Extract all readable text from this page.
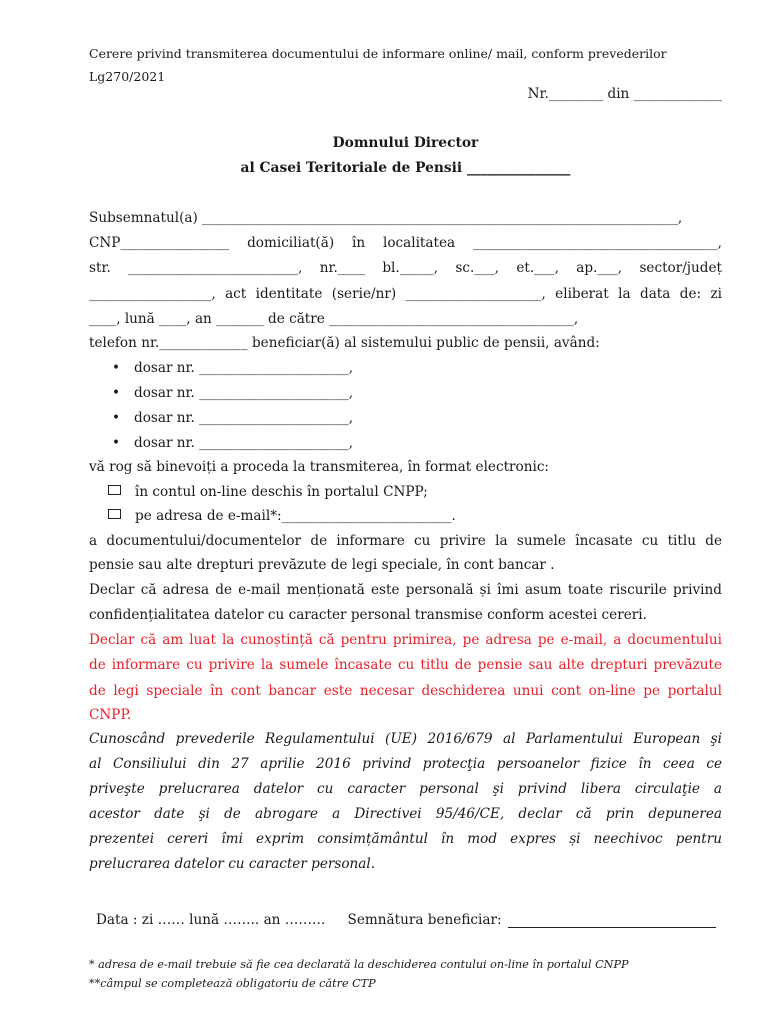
Cerere privind transmiterea documentului de informare online/ mail, conform prevederilor
Lg270/2021
Nr.________ din _____________
Domnului Director
al Casei Teritoriale de Pensii _______________
Subsemnatul(a) ______________________________________________________________________,
CNP________________ domiciliat(ă) în localitatea ____________________________________,
str. _________________________, nr.____ bl._____, sc.___, et.___, ap.___, sector/județ
__________________, act identitate (serie/nr) ____________________, eliberat la data de: zi
____, lună ____, an _______ de către ____________________________________,
telefon nr._____________ beneficiar(ă) al sistemului public de pensii, având:
• dosar nr. ______________________,
• dosar nr. ______________________,
• dosar nr. ______________________,
• dosar nr. ______________________,
vă rog să binevoiți a proceda la transmiterea, în format electronic:
în contul on-line deschis în portalul CNPP;
pe adresa de e-mail*:_________________________.
a documentului/documentelor de informare cu privire la sumele încasate cu titlu de
pensie sau alte drepturi prevăzute de legi speciale, în cont bancar .
Declar că adresa de e-mail menționată este personală și îmi asum toate riscurile privind
confidențialitatea datelor cu caracter personal transmise conform acestei cereri.
Declar că am luat la cunoștință că pentru primirea, pe adresa pe e-mail, a documentului
de informare cu privire la sumele încasate cu titlu de pensie sau alte drepturi prevăzute
de legi speciale în cont bancar este necesar deschiderea unui cont on-line pe portalul
CNPP.
Cunoscând prevederile Regulamentului (UE) 2016/679 al Parlamentului European şi
al Consiliului din 27 aprilie 2016 privind protecţia persoanelor fizice în ceea ce
priveşte prelucrarea datelor cu caracter personal şi privind libera circulaţie a
acestor date şi de abrogare a Directivei 95/46/CE, declar că prin depunerea
prezentei cereri îmi exprim consimțământul în mod expres și neechivoc pentru
prelucrarea datelor cu caracter personal.
Data : zi …… lună …….. an ……… Semnătura beneficiar:
* adresa de e-mail trebuie să fie cea declarată la deschiderea contului on-line în portalul CNPP
**câmpul se completează obligatoriu de către CTP
